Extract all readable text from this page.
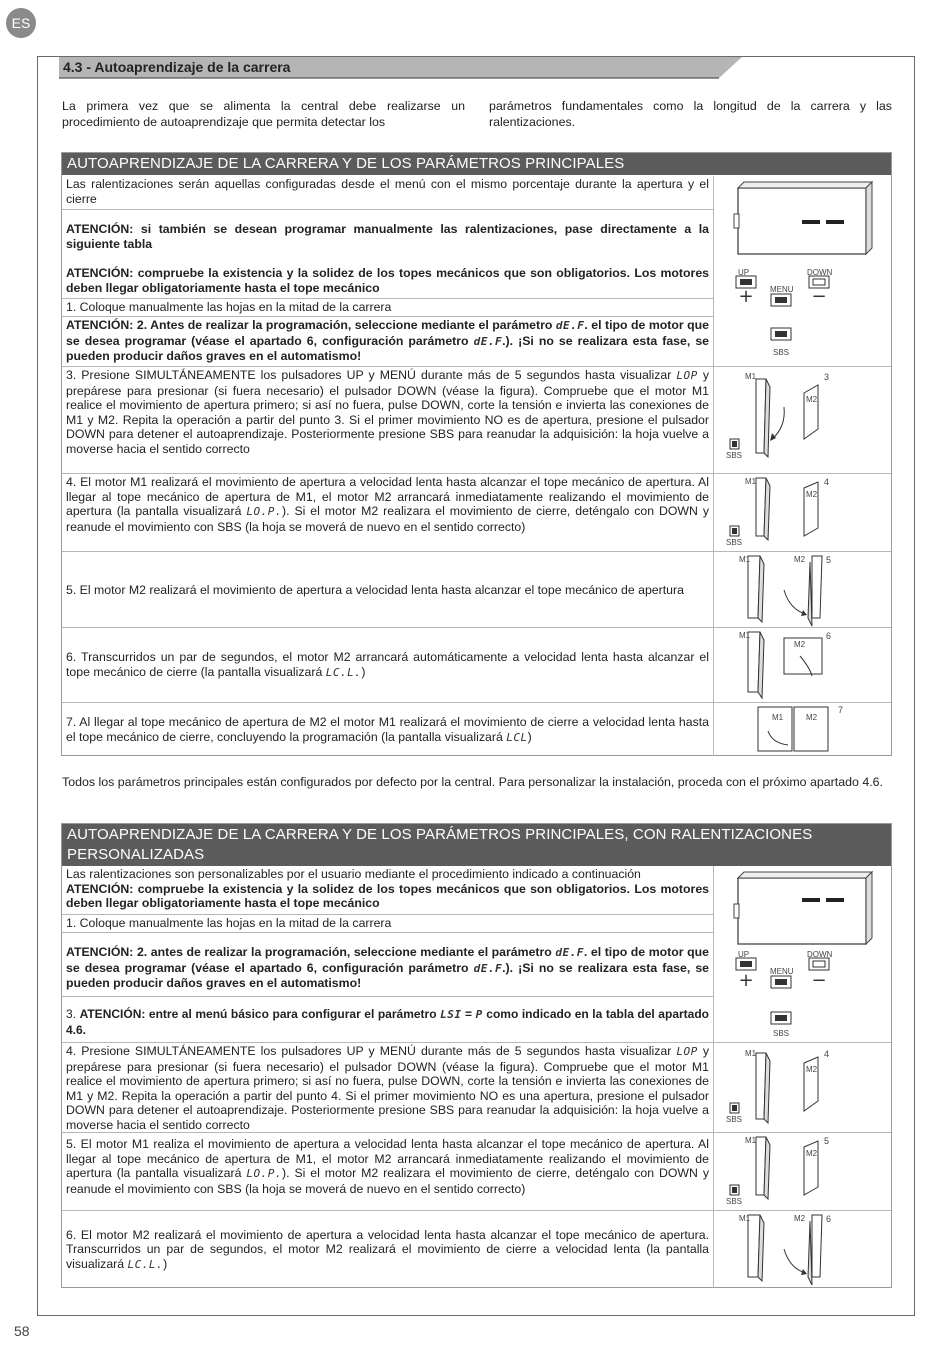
ES
4.3 - Autoaprendizaje de la carrera
La primera vez que se alimenta la central debe realizarse un procedimiento de autoaprendizaje que permita detectar los
parámetros fundamentales como la longitud de la carrera y las ralentizaciones.
AUTOAPRENDIZAJE DE LA CARRERA Y DE LOS PARÁMETROS PRINCIPALES
Las ralentizaciones serán aquellas configuradas desde el menú con el mismo porcentaje durante la apertura y el cierre
ATENCIÓN: si también se desean programar manualmente las ralentizaciones, pase directamente a la siguiente tabla
ATENCIÓN: compruebe la existencia y la solidez de los topes mecánicos que son obligatorios. Los motores deben llegar obligatoriamente hasta el tope mecánico
1. Coloque manualmente las hojas en la mitad de la carrera
ATENCIÓN: 2. Antes de realizar la programación, seleccione mediante el parámetro dE.F. el tipo de motor que se desea programar (véase el apartado 6, configuración parámetro dE.F.). ¡Si no se realizara esta fase, se pueden producir daños graves en el automatismo!
3. Presione SIMULTÁNEAMENTE los pulsadores UP y MENÚ durante más de 5 segundos hasta visualizar LOP y prepárese para presionar (si fuera necesario) el pulsador DOWN (véase la figura). Compruebe que el motor M1 realice el movimiento de apertura primero; si así no fuera, pulse DOWN, corte la tensión e invierta las conexiones de M1 y M2. Repita la operación a partir del punto 3. Si el primer movimiento NO es de apertura, presione el pulsador DOWN para detener el autoaprendizaje. Posteriormente presione SBS para reanudar la adquisición: la hoja vuelve a moverse hacia el sentido correcto
4. El motor M1 realizará el movimiento de apertura a velocidad lenta hasta alcanzar el tope mecánico de apertura. Al llegar al tope mecánico de apertura de M1, el motor M2 arrancará inmediatamente realizando el movimiento de apertura (la pantalla visualizará LO.P.). Si el motor M2 realizara el movimiento de cierre, deténgalo con DOWN y reanude el movimiento con SBS (la hoja se moverá de nuevo en el sentido correcto)
5. El motor M2 realizará el movimiento de apertura a velocidad lenta hasta alcanzar el tope mecánico de apertura
6. Transcurridos un par de segundos, el motor M2 arrancará automáticamente a velocidad lenta hasta alcanzar el tope mecánico de cierre (la pantalla visualizará LC.L.)
7. Al llegar al tope mecánico de apertura de M2 el motor M1 realizará el movimiento de cierre a velocidad lenta hasta el tope mecánico de cierre, concluyendo la programación (la pantalla visualizará LCL)
+	−
UP	DOWN
MENU
SBS
M1
M2
3
SBS
M1
M2
4
SBS
M1	M2 5
M1
M2
6
M1	M2
7
Todos los parámetros principales están configurados por defecto por la central. Para personalizar la instalación, proceda con el próximo apartado 4.6.
AUTOAPRENDIZAJE DE LA CARRERA Y DE LOS PARÁMETROS PRINCIPALES, CON RALENTIZACIONES PERSONALIZADAS
Las ralentizaciones son personalizables por el usuario mediante el procedimiento indicado a continuación
ATENCIÓN: compruebe la existencia y la solidez de los topes mecánicos que son obligatorios. Los motores deben llegar obligatoriamente hasta el tope mecánico
1. Coloque manualmente las hojas en la mitad de la carrera
ATENCIÓN: 2. antes de realizar la programación, seleccione mediante el parámetro dE.F. el tipo de motor que se desea programar (véase el apartado 6, configuración parámetro dE.F.). ¡Si no se realizara esta fase, se pueden producir daños graves en el automatismo!
3. ATENCIÓN: entre al menú básico para configurar el parámetro LSI = P como indicado en la tabla del apartado 4.6.
4. Presione SIMULTÁNEAMENTE los pulsadores UP y MENÚ durante más de 5 segundos hasta visualizar LOP y prepárese para presionar (si fuera necesario) el pulsador DOWN (véase la figura). Compruebe que el motor M1 realice el movimiento de apertura primero; si así no fuera, pulse DOWN, corte la tensión e invierta las conexiones de M1 y M2. Repita la operación a partir del punto 4. Si el primer movimiento NO es una apertura, presione el pulsador DOWN para detener el autoaprendizaje. Posteriormente presione SBS para reanudar la adquisición: la hoja vuelve a moverse hacia el sentido correcto
5. El motor M1 realiza el movimiento de apertura a velocidad lenta hasta alcanzar el tope mecánico de apertura. Al llegar al tope mecánico de apertura de M1, el motor M2 arrancará inmediatamente realizando el movimiento de apertura (la pantalla visualizará LO.P.). Si el motor M2 realizara el movimiento de cierre, deténgalo con DOWN y reanude el movimiento con SBS (la hoja se moverá de nuevo en el sentido correcto)
6. El motor M2 realizará el movimiento de apertura a velocidad lenta hasta alcanzar el tope mecánico de apertura. Transcurridos un par de segundos, el motor M2 realizará el movimiento de cierre a velocidad lenta (la pantalla visualizará LC.L.)
+	−
UP	DOWN
MENU
SBS
M1
M2
4
SBS
M1
M2
5
SBS
M1	M2 6
58
